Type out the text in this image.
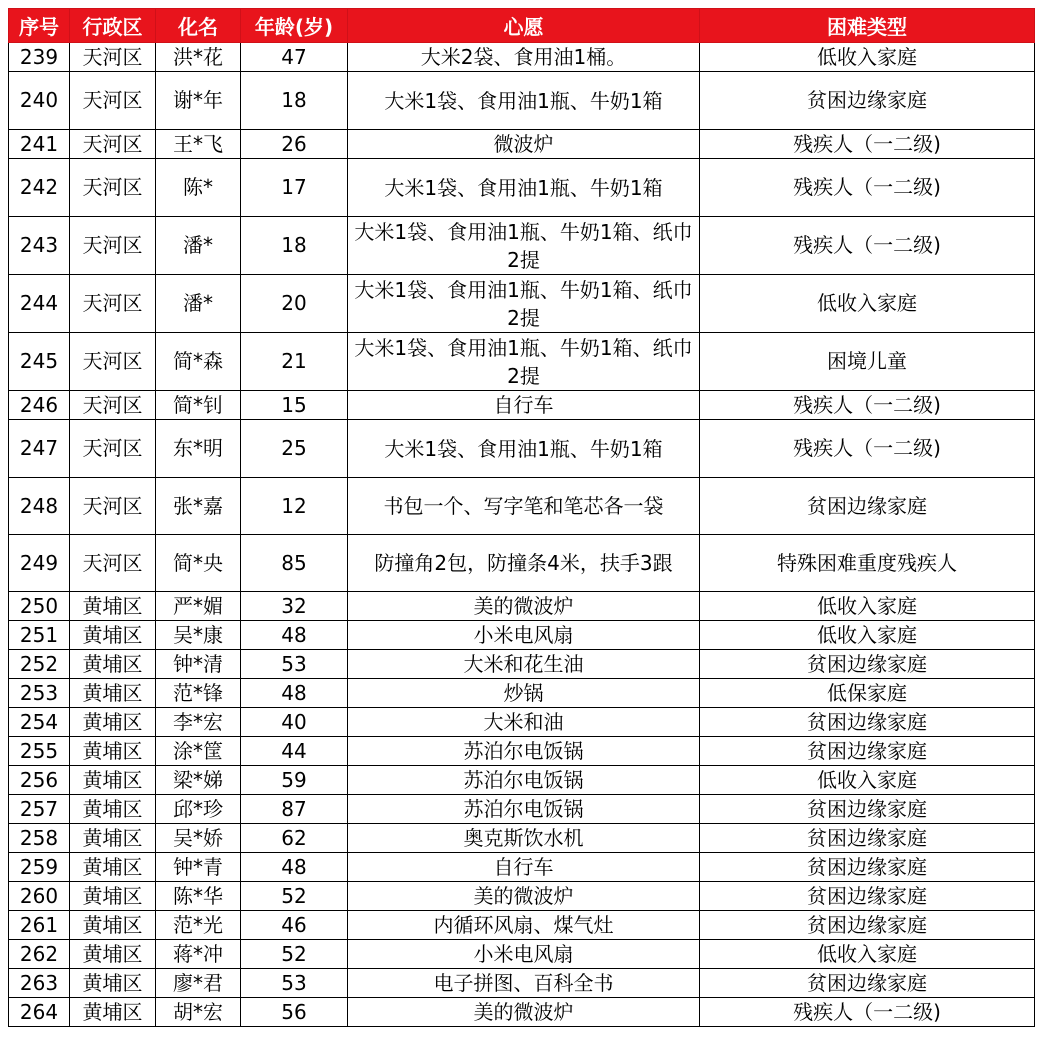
序号	行政区	化名	年龄(岁)	心愿	困难类型
239	天河区	洪*花	47	大米2袋、食用油1桶。	低收入家庭
240	天河区	谢*年	18	大米1袋、食用油1瓶、牛奶1箱	贫困边缘家庭
241	天河区	王*飞	26	微波炉	残疾人（一二级)
242	天河区	陈*	17	大米1袋、食用油1瓶、牛奶1箱	残疾人（一二级)
243	天河区	潘*	18	大米1袋、食用油1瓶、牛奶1箱、纸巾2提	残疾人（一二级)
244	天河区	潘*	20	大米1袋、食用油1瓶、牛奶1箱、纸巾2提	低收入家庭
245	天河区	简*森	21	大米1袋、食用油1瓶、牛奶1箱、纸巾2提	困境儿童
246	天河区	简*钊	15	自行车	残疾人（一二级)
247	天河区	东*明	25	大米1袋、食用油1瓶、牛奶1箱	残疾人（一二级)
248	天河区	张*嘉	12	书包一个、写字笔和笔芯各一袋	贫困边缘家庭
249	天河区	简*央	85	防撞角2包，防撞条4米，扶手3跟	特殊困难重度残疾人
250	黄埔区	严*媚	32	美的微波炉	低收入家庭
251	黄埔区	吴*康	48	小米电风扇	低收入家庭
252	黄埔区	钟*清	53	大米和花生油	贫困边缘家庭
253	黄埔区	范*锋	48	炒锅	低保家庭
254	黄埔区	李*宏	40	大米和油	贫困边缘家庭
255	黄埔区	涂*筐	44	苏泊尔电饭锅	贫困边缘家庭
256	黄埔区	梁*娣	59	苏泊尔电饭锅	低收入家庭
257	黄埔区	邱*珍	87	苏泊尔电饭锅	贫困边缘家庭
258	黄埔区	吴*娇	62	奥克斯饮水机	贫困边缘家庭
259	黄埔区	钟*青	48	自行车	贫困边缘家庭
260	黄埔区	陈*华	52	美的微波炉	贫困边缘家庭
261	黄埔区	范*光	46	内循环风扇、煤气灶	贫困边缘家庭
262	黄埔区	蒋*冲	52	小米电风扇	低收入家庭
263	黄埔区	廖*君	53	电子拼图、百科全书	贫困边缘家庭
264	黄埔区	胡*宏	56	美的微波炉	残疾人（一二级)
